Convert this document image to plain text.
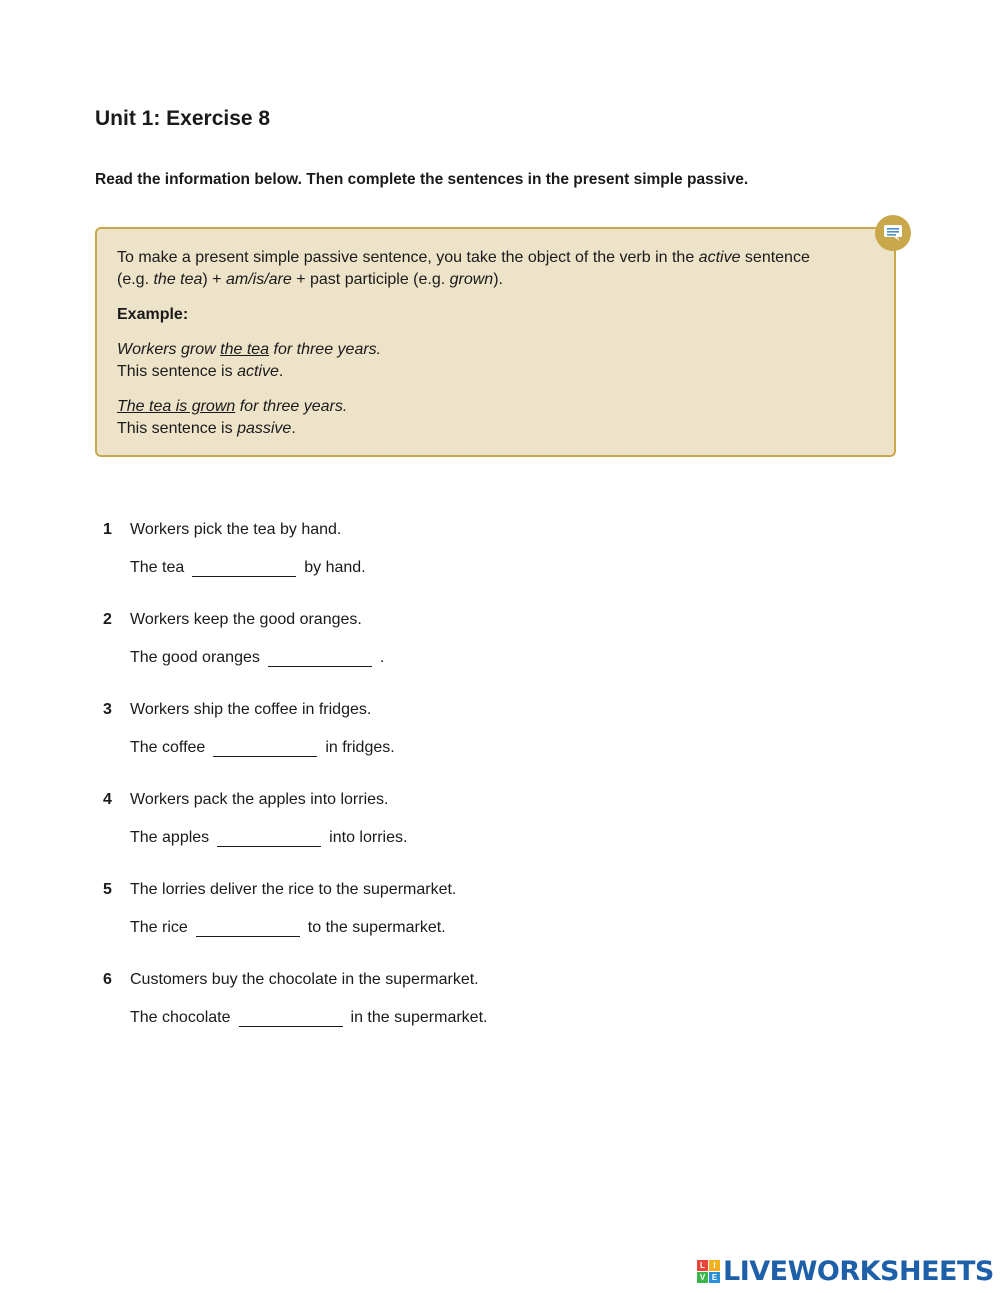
Unit 1: Exercise 8
Read the information below. Then complete the sentences in the present simple passive.

To make a present simple passive sentence, you take the object of the verb in the active sentence
(e.g. the tea) + am/is/are + past participle (e.g. grown).

Example:

Workers grow the tea for three years.
This sentence is active.

The tea is grown for three years.
This sentence is passive.

1	Workers pick the tea by hand.
The tea	by hand.
2	Workers keep the good oranges.
The good oranges	.
3	Workers ship the coffee in fridges.
The coffee	in fridges.
4	Workers pack the apples into lorries.
The apples	into lorries.
5	The lorries deliver the rice to the supermarket.
The rice	to the supermarket.
6	Customers buy the chocolate in the supermarket.
The chocolate	in the supermarket.
L	I
V E LIVEWORKSHEETS
